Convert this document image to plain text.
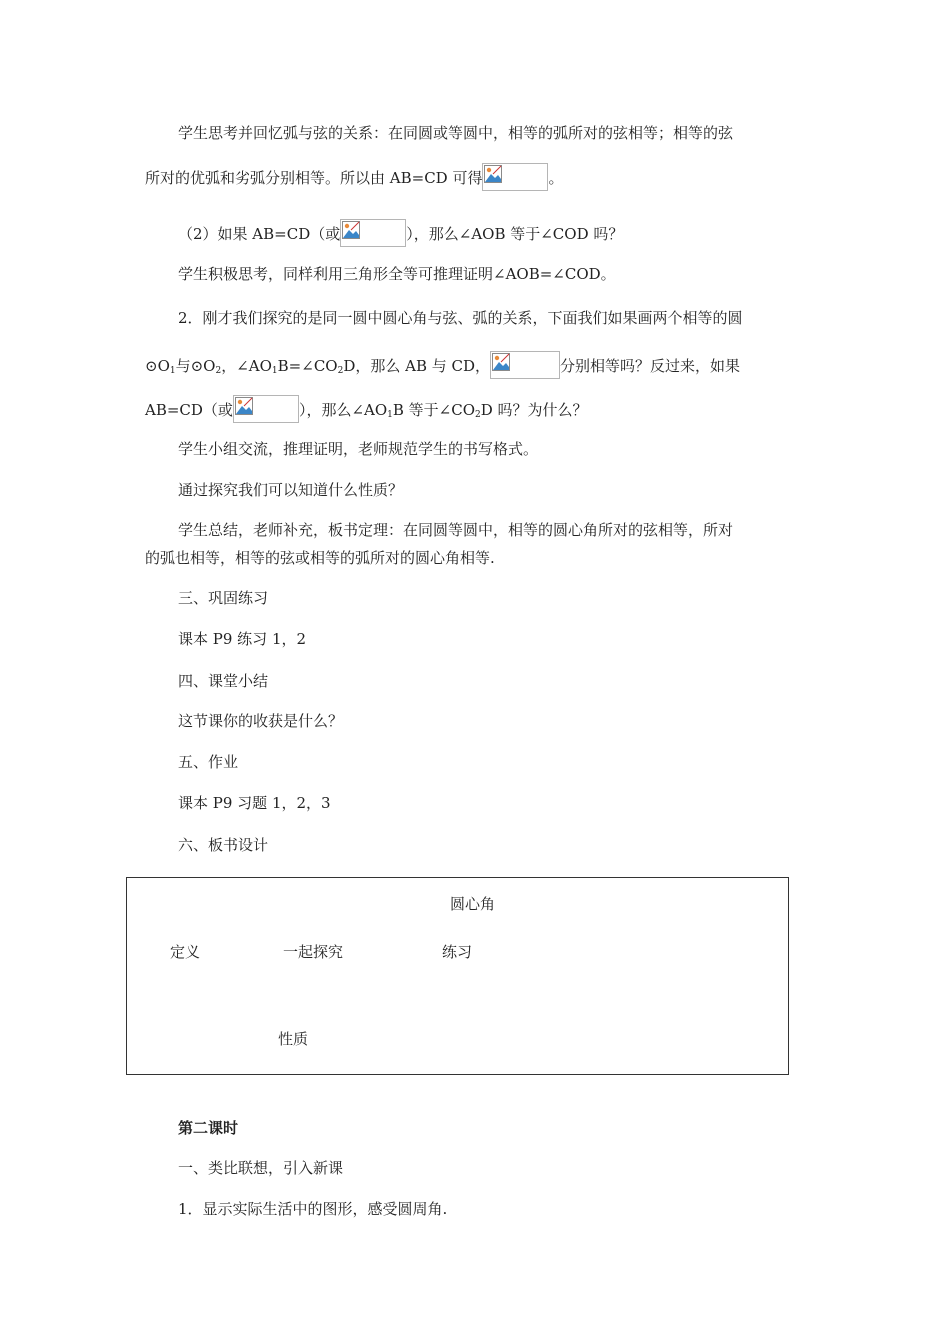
学生思考并回忆弧与弦的关系：在同圆或等圆中，相等的弧所对的弦相等；相等的弦
所对的优弧和劣弧分别相等。所以由 AB=CD 可得	。
（2）如果 AB=CD（或	），那么∠AOB 等于∠COD 吗？
学生积极思考，同样利用三角形全等可推理证明∠AOB=∠COD。
2．刚才我们探究的是同一圆中圆心角与弦、弧的关系，下面我们如果画两个相等的圆
$⊙O_1$与$⊙O_2$，$\angle AO_1B=\angle CO_2D$，那么 AB 与 CD，	分别相等吗？反过来，如果
AB=CD（或	），那么$\angle AO_1B$ 等于$\angle CO_2D$ 吗？为什么？
学生小组交流，推理证明，老师规范学生的书写格式。
通过探究我们可以知道什么性质？
学生总结，老师补充，板书定理：在同圆等圆中，相等的圆心角所对的弦相等，所对
的弧也相等，相等的弦或相等的弧所对的圆心角相等.
三、巩固练习
课本 P9 练习 1，2
四、课堂小结
这节课你的收获是什么？
五、作业
课本 P9 习题 1，2，3
六、板书设计
圆心角
定义	一起探究	练习
性质
第二课时
一、类比联想，引入新课
1．显示实际生活中的图形，感受圆周角.
